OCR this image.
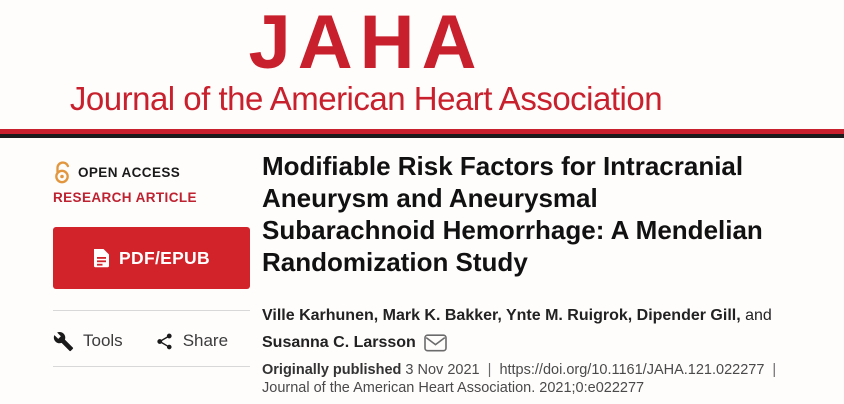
JAHA
Journal of the American Heart Association
OPEN ACCESS
RESEARCH ARTICLE
PDF/EPUB
Tools	Share
Modifiable Risk Factors for Intracranial
Aneurysm and Aneurysmal
Subarachnoid Hemorrhage: A Mendelian
Randomization Study
Ville Karhunen, Mark K. Bakker, Ynte M. Ruigrok, Dipender Gill, and
Susanna C. Larsson
Originally published 3 Nov 2021 | https://doi.org/10.1161/JAHA.121.022277 |
Journal of the American Heart Association. 2021;0:e022277
